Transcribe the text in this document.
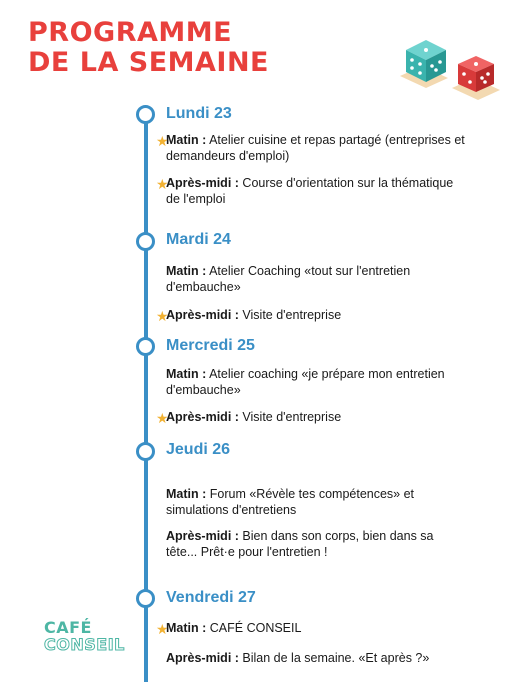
PROGRAMME
DE LA SEMAINE
Lundi 23
★
Matin : Atelier cuisine et repas partagé (entreprises et demandeurs d'emploi)
★
Après-midi : Course d'orientation sur la thématique de l'emploi
Mardi 24
Matin : Atelier Coaching «tout sur l'entretien d'embauche»
★
Après-midi : Visite d'entreprise
Mercredi 25
Matin : Atelier coaching «je prépare mon entretien d'embauche»
★
Après-midi : Visite d'entreprise
Jeudi 26
Matin : Forum «Révèle tes compétences» et simulations d'entretiens
Après-midi : Bien dans son corps, bien dans sa tête... Prêt·e pour l'entretien !
Vendredi 27
★
Matin : CAFÉ CONSEIL
Après-midi : Bilan de la semaine. «Et après ?»
CAFÉ
CONSEIL
